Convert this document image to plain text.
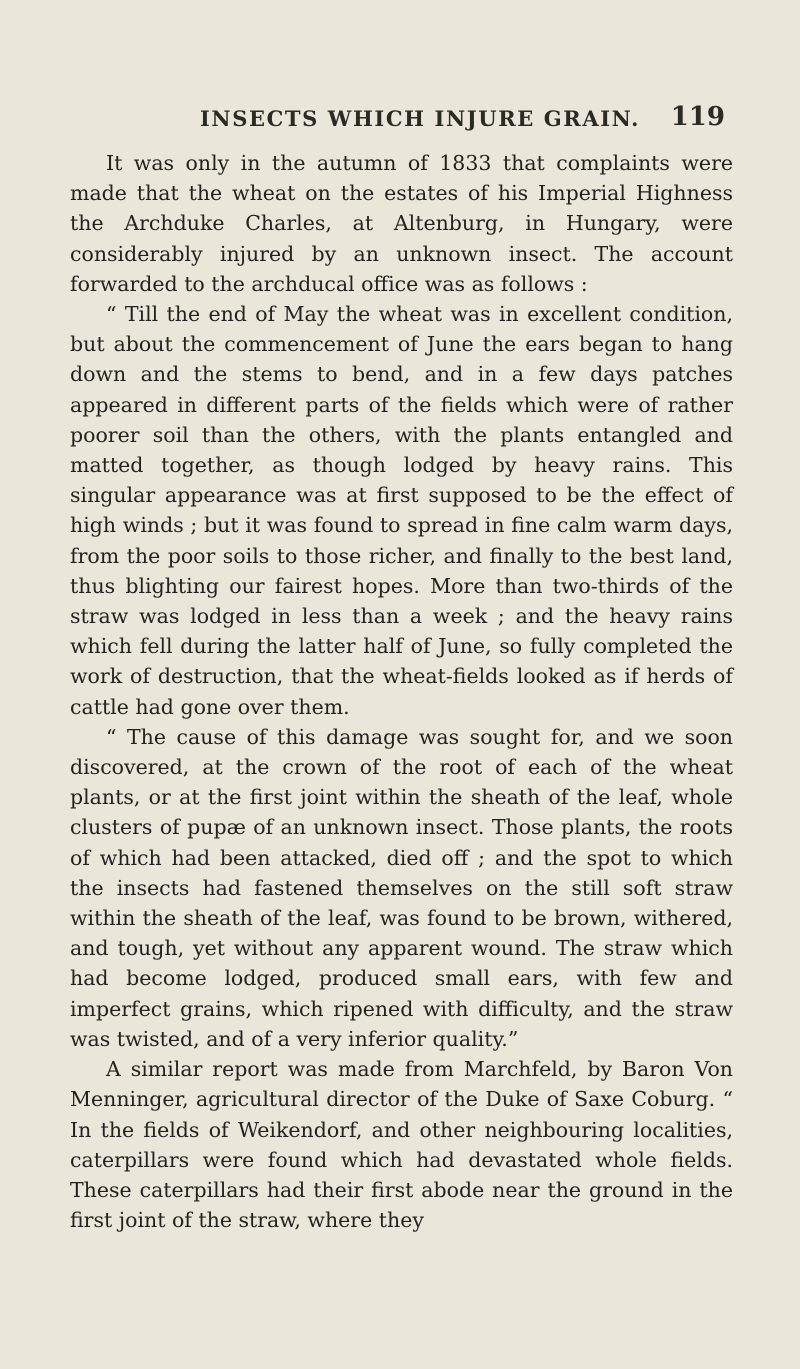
INSECTS WHICH INJURE GRAIN. 119

It was only in the autumn of 1833 that complaints were made that the wheat on the estates of his Imperial Highness the Archduke Charles, at Altenburg, in Hungary, were considerably injured by an unknown insect. The account forwarded to the archducal office was as follows :

“ Till the end of May the wheat was in excellent condition, but about the commencement of June the ears began to hang down and the stems to bend, and in a few days patches appeared in different parts of the fields which were of rather poorer soil than the others, with the plants entangled and matted together, as though lodged by heavy rains. This singular appearance was at first supposed to be the effect of high winds ; but it was found to spread in fine calm warm days, from the poor soils to those richer, and finally to the best land, thus blighting our fairest hopes. More than two-thirds of the straw was lodged in less than a week ; and the heavy rains which fell during the latter half of June, so fully completed the work of destruction, that the wheat-fields looked as if herds of cattle had gone over them.

“ The cause of this damage was sought for, and we soon discovered, at the crown of the root of each of the wheat plants, or at the first joint within the sheath of the leaf, whole clusters of pupæ of an unknown insect. Those plants, the roots of which had been attacked, died off ; and the spot to which the insects had fastened themselves on the still soft straw within the sheath of the leaf, was found to be brown, withered, and tough, yet without any apparent wound. The straw which had become lodged, produced small ears, with few and imperfect grains, which ripened with difficulty, and the straw was twisted, and of a very inferior quality.”

A similar report was made from Marchfeld, by Baron Von Menninger, agricultural director of the Duke of Saxe Coburg. “ In the fields of Weikendorf, and other neighbouring localities, caterpillars were found which had devastated whole fields. These caterpillars had their first abode near the ground in the first joint of the straw, where they
